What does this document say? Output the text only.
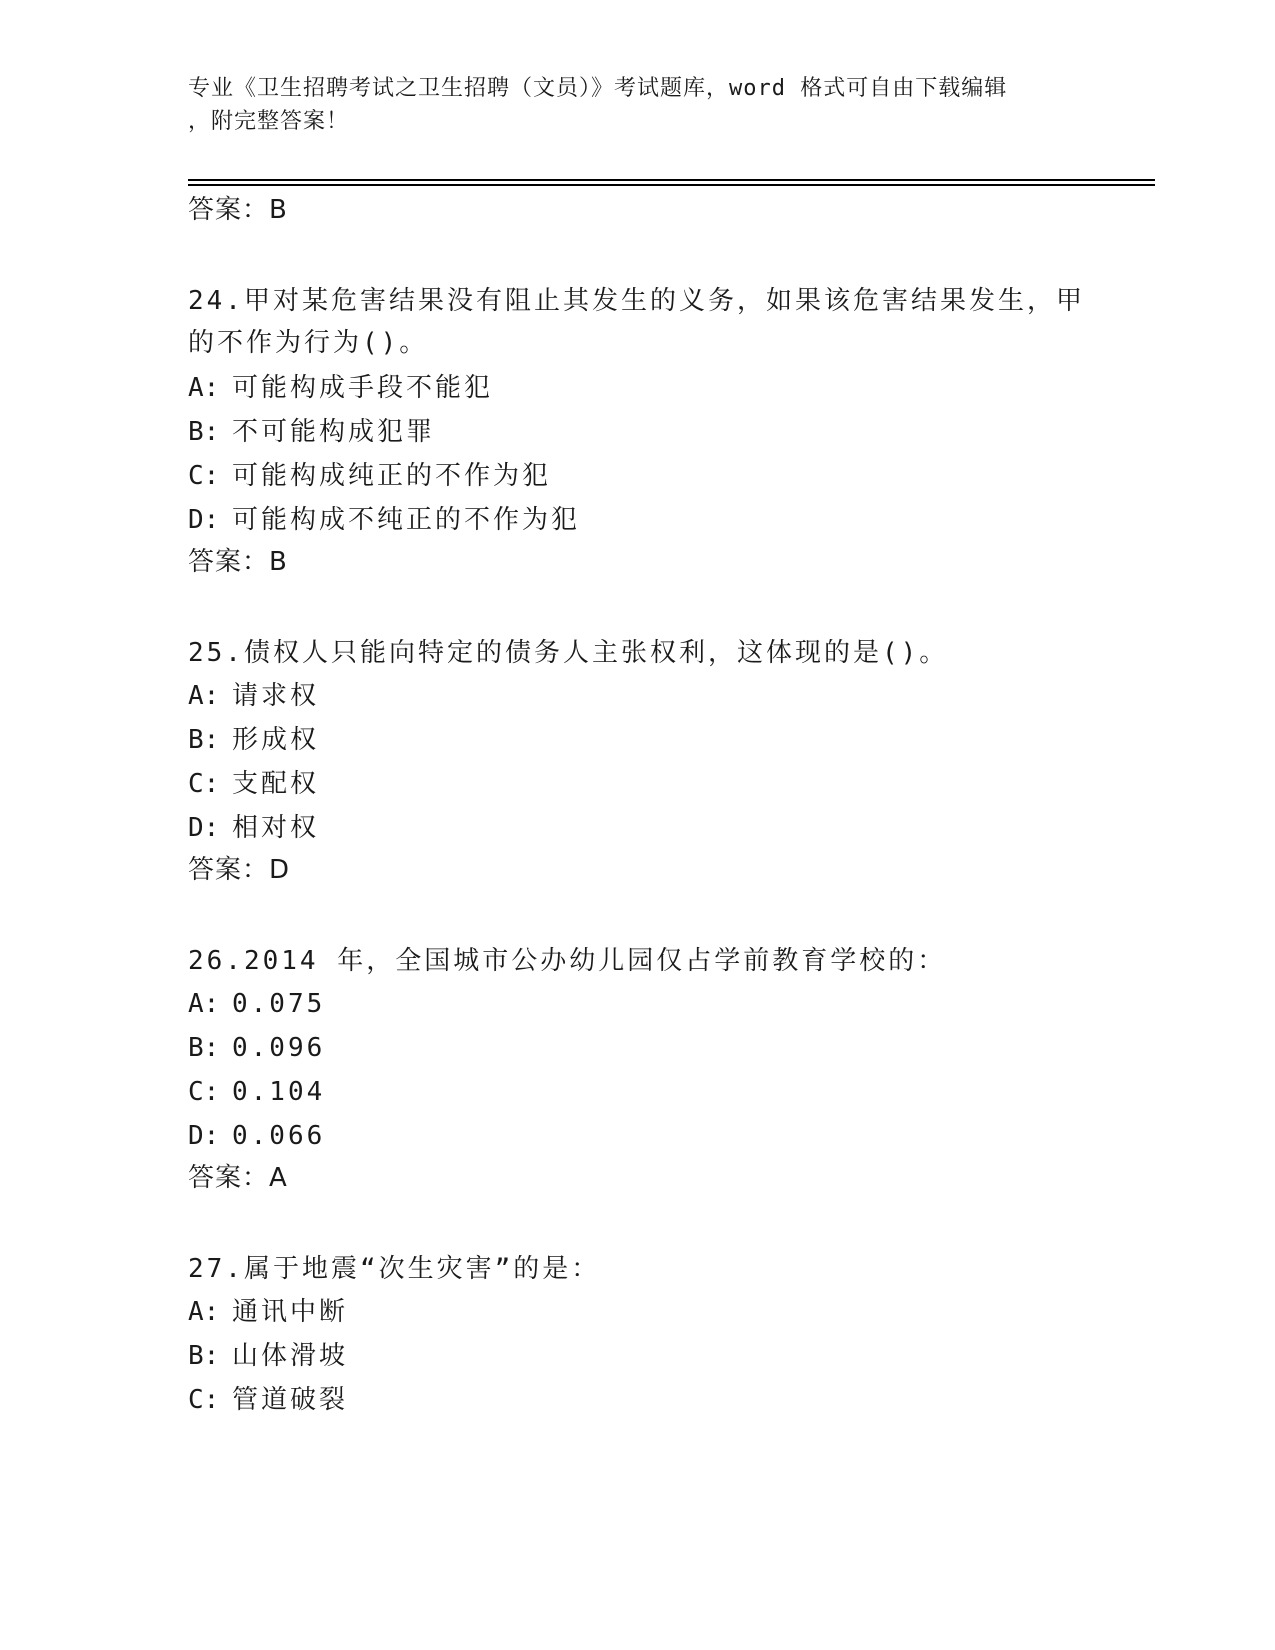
专业《卫生招聘考试之卫生招聘（文员）》考试题库，word 格式可自由下载编辑
，附完整答案！
答案：B
24.甲对某危害结果没有阻止其发生的义务，如果该危害结果发生，甲
的不作为行为()。
A: 可能构成手段不能犯
B: 不可能构成犯罪
C: 可能构成纯正的不作为犯
D: 可能构成不纯正的不作为犯
答案：B
25.债权人只能向特定的债务人主张权利，这体现的是()。
A: 请求权
B: 形成权
C: 支配权
D: 相对权
答案：D
26.2014 年，全国城市公办幼儿园仅占学前教育学校的：
A: 0.075
B: 0.096
C: 0.104
D: 0.066
答案：A
27.属于地震“次生灾害”的是：
A: 通讯中断
B: 山体滑坡
C: 管道破裂
